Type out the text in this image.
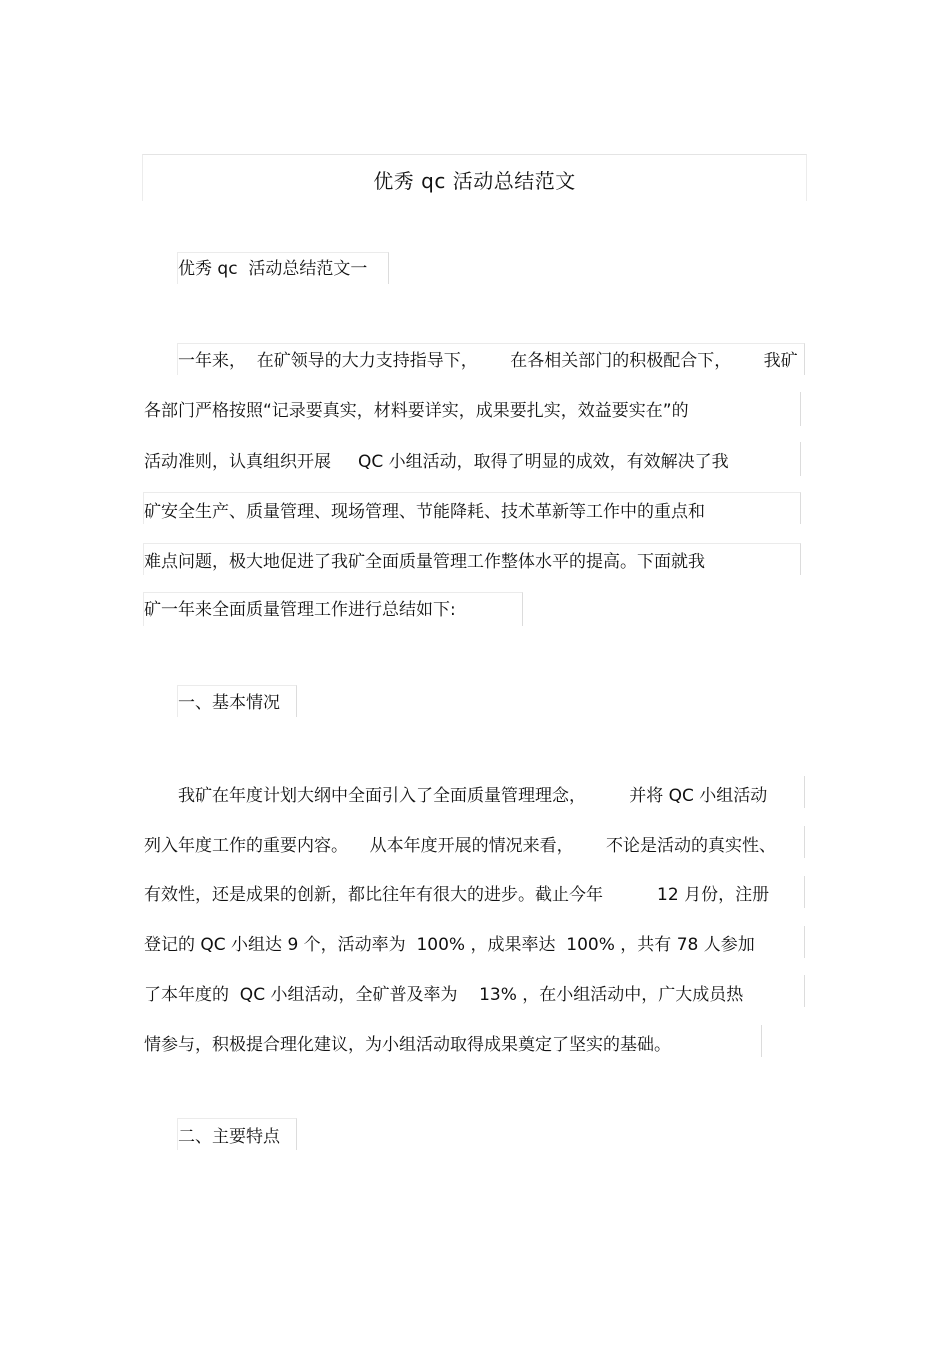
优秀 qc 活动总结范文
优秀 qc  活动总结范文一
一年来，  在矿领导的大力支持指导下，      在各相关部门的积极配合下，      我矿
各部门严格按照“记录要真实，材料要详实，成果要扎实，效益要实在”的
活动准则，认真组织开展     QC 小组活动，取得了明显的成效，有效解决了我
矿安全生产、质量管理、现场管理、节能降耗、技术革新等工作中的重点和
难点问题，极大地促进了我矿全面质量管理工作整体水平的提高。下面就我
矿一年来全面质量管理工作进行总结如下:
一、基本情况
我矿在年度计划大纲中全面引入了全面质量管理理念，        并将 QC 小组活动
列入年度工作的重要内容。    从本年度开展的情况来看，      不论是活动的真实性、
有效性，还是成果的创新，都比往年有很大的进步。截止今年          12 月份，注册
登记的 QC 小组达 9 个，活动率为  100% ，成果率达  100% ，共有 78 人参加
了本年度的  QC 小组活动，全矿普及率为    13% ，在小组活动中，广大成员热
情参与，积极提合理化建议，为小组活动取得成果奠定了坚实的基础。
二、主要特点
